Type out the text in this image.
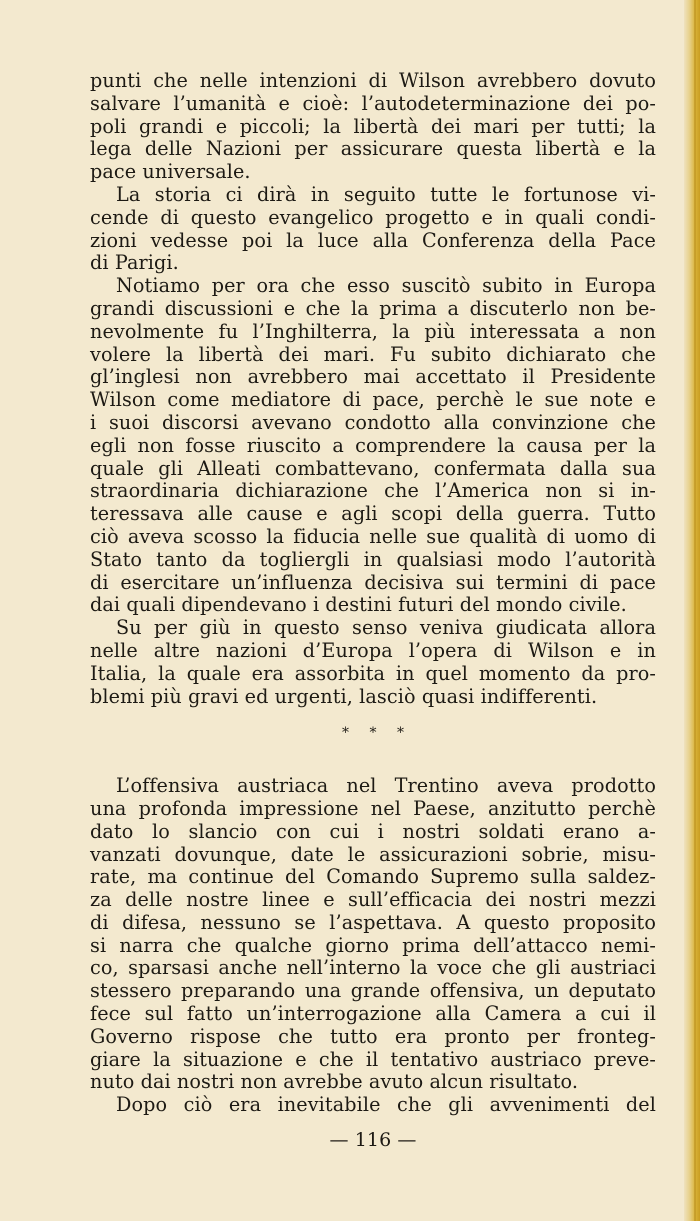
punti che nelle intenzioni di Wilson avrebbero dovuto
salvare l’umanità e cioè: l’autodeterminazione dei po-
poli grandi e piccoli; la libertà dei mari per tutti; la
lega delle Nazioni per assicurare questa libertà e la
pace universale.

La storia ci dirà in seguito tutte le fortunose vi-
cende di questo evangelico progetto e in quali condi-
zioni vedesse poi la luce alla Conferenza della Pace
di Parigi.

Notiamo per ora che esso suscitò subito in Europa
grandi discussioni e che la prima a discuterlo non be-
nevolmente fu l’Inghilterra, la più interessata a non
volere la libertà dei mari. Fu subito dichiarato che
gl’inglesi non avrebbero mai accettato il Presidente
Wilson come mediatore di pace, perchè le sue note e
i suoi discorsi avevano condotto alla convinzione che
egli non fosse riuscito a comprendere la causa per la
quale gli Alleati combattevano, confermata dalla sua
straordinaria dichiarazione che l’America non si in-
teressava alle cause e agli scopi della guerra. Tutto
ciò aveva scosso la fiducia nelle sue qualità di uomo di
Stato tanto da togliergli in qualsiasi modo l’autorità
di esercitare un’influenza decisiva sui termini di pace
dai quali dipendevano i destini futuri del mondo civile.

Su per giù in questo senso veniva giudicata allora
nelle altre nazioni d’Europa l’opera di Wilson e in
Italia, la quale era assorbita in quel momento da pro-
blemi più gravi ed urgenti, lasciò quasi indifferenti.

* * *

L’offensiva austriaca nel Trentino aveva prodotto
una profonda impressione nel Paese, anzitutto perchè
dato lo slancio con cui i nostri soldati erano a-
vanzati dovunque, date le assicurazioni sobrie, misu-
rate, ma continue del Comando Supremo sulla saldez-
za delle nostre linee e sull’efficacia dei nostri mezzi
di difesa, nessuno se l’aspettava. A questo proposito
si narra che qualche giorno prima dell’attacco nemi-
co, sparsasi anche nell’interno la voce che gli austriaci
stessero preparando una grande offensiva, un deputato
fece sul fatto un’interrogazione alla Camera a cui il
Governo rispose che tutto era pronto per fronteg-
giare la situazione e che il tentativo austriaco preve-
nuto dai nostri non avrebbe avuto alcun risultato.

Dopo ciò era inevitabile che gli avvenimenti del

— 116 —
